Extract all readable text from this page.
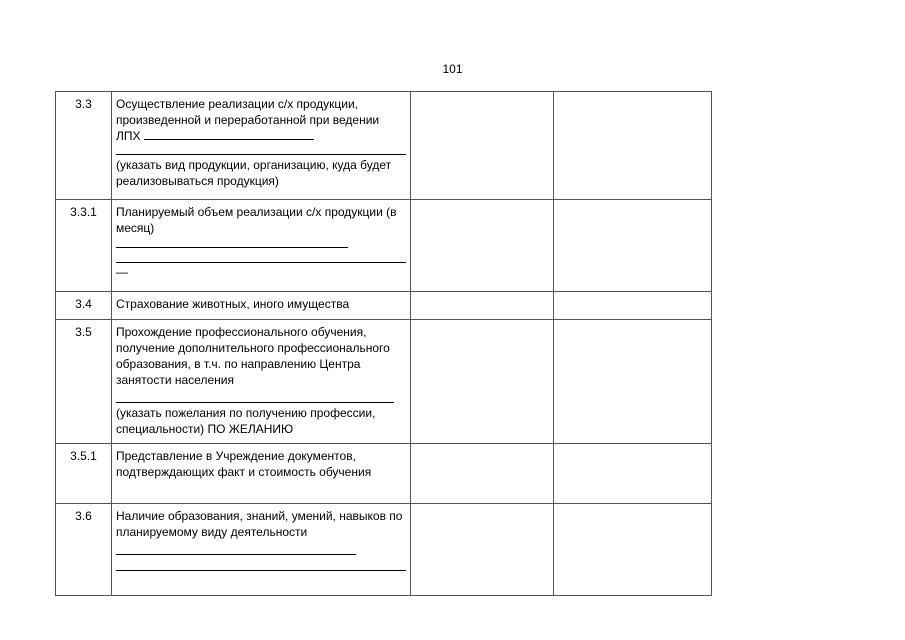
101
3.3	Осуществление реализации с/х продукции, произведенной и переработанной при ведении ЛПХ
(указать вид продукции, организацию, куда будет реализовываться продукция)		

3.3.1	Планируемый объем реализации с/х продукции (в месяц)
—		

3.4	Страхование животных, иного имущества		

3.5	Прохождение профессионального обучения, получение дополнительного профессионального образования, в т.ч. по направлению Центра занятости населения
(указать пожелания по получению профессии, специальности) ПО ЖЕЛАНИЮ		

3.5.1	Представление в Учреждение документов, подтверждающих факт и стоимость обучения		

3.6	Наличие образования, знаний, умений, навыков по планируемому виду деятельности		
